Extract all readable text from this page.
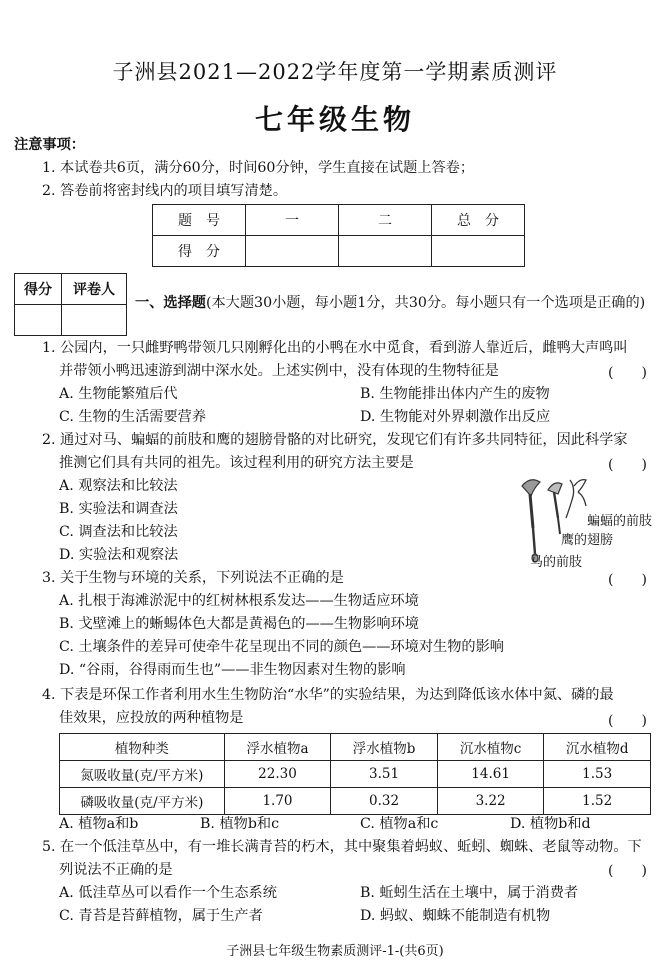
子洲县2021—2022学年度第一学期素质测评
七年级生物
注意事项：
1. 本试卷共6页，满分60分，时间60分钟，学生直接在试题上答卷；
2. 答卷前将密封线内的项目填写清楚。
题　号	一	二	总　分
得　分			
得分	评卷人

一、选择题(本大题30小题，每小题1分，共30分。每小题只有一个选项是正确的)
1. 公园内，一只雌野鸭带领几只刚孵化出的小鸭在水中觅食，看到游人靠近后，雌鸭大声鸣叫
并带领小鸭迅速游到湖中深水处。上述实例中，没有体现的生物特征是	(　　)
A. 生物能繁殖后代	B. 生物能排出体内产生的废物
C. 生物的生活需要营养	D. 生物能对外界刺激作出反应
2. 通过对马、蝙蝠的前肢和鹰的翅膀骨骼的对比研究，发现它们有许多共同特征，因此科学家
推测它们具有共同的祖先。该过程利用的研究方法主要是	(　　)
A. 观察法和比较法
B. 实验法和调查法
C. 调查法和比较法
D. 实验法和观察法
蝙蝠的前肢
鹰的翅膀
马的前肢
3. 关于生物与环境的关系，下列说法不正确的是	(　　)
A. 扎根于海滩淤泥中的红树林根系发达——生物适应环境
B. 戈壁滩上的蜥蜴体色大都是黄褐色的——生物影响环境
C. 土壤条件的差异可使牵牛花呈现出不同的颜色——环境对生物的影响
D. “谷雨，谷得雨而生也”——非生物因素对生物的影响
4. 下表是环保工作者利用水生生物防治“水华”的实验结果，为达到降低该水体中氮、磷的最
佳效果，应投放的两种植物是	(　　)
植物种类	浮水植物a	浮水植物b	沉水植物c	沉水植物d
氮吸收量(克/平方米)	22.30	3.51	14.61	1.53
磷吸收量(克/平方米)	1.70	0.32	3.22	1.52
A. 植物a和b	B. 植物b和c	C. 植物a和c	D. 植物b和d
5. 在一个低洼草丛中，有一堆长满青苔的朽木，其中聚集着蚂蚁、蚯蚓、蜘蛛、老鼠等动物。下
列说法不正确的是	(　　)
A. 低洼草丛可以看作一个生态系统	B. 蚯蚓生活在土壤中，属于消费者
C. 青苔是苔藓植物，属于生产者	D. 蚂蚁、蜘蛛不能制造有机物
子洲县七年级生物素质测评-1-(共6页)
